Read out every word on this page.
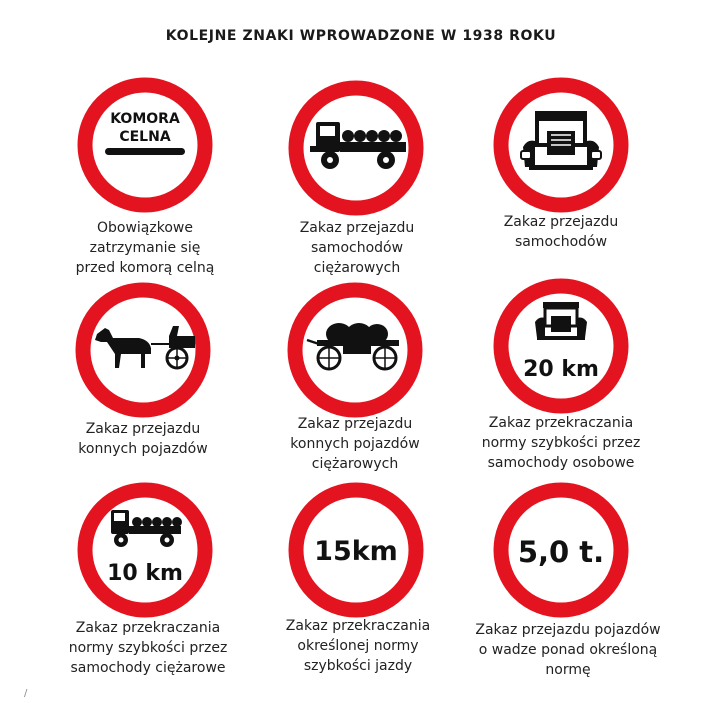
KOLEJNE ZNAKI WPROWADZONE W 1938 ROKU
KOMORA
CELNA
Obowiązkowe
zatrzymanie się
przed komorą celną
Zakaz przejazdu
samochodów
ciężarowych
Zakaz przejazdu
samochodów
Zakaz przejazdu
konnych pojazdów
Zakaz przejazdu
konnych pojazdów
ciężarowych
20 km
Zakaz przekraczania
normy szybkości przez
samochody osobowe
10 km
Zakaz przekraczania
normy szybkości przez
samochody ciężarowe
15km
Zakaz przekraczania
określonej normy
szybkości jazdy
5,0 t.
Zakaz przejazdu pojazdów
o wadze ponad określoną
normę
/
